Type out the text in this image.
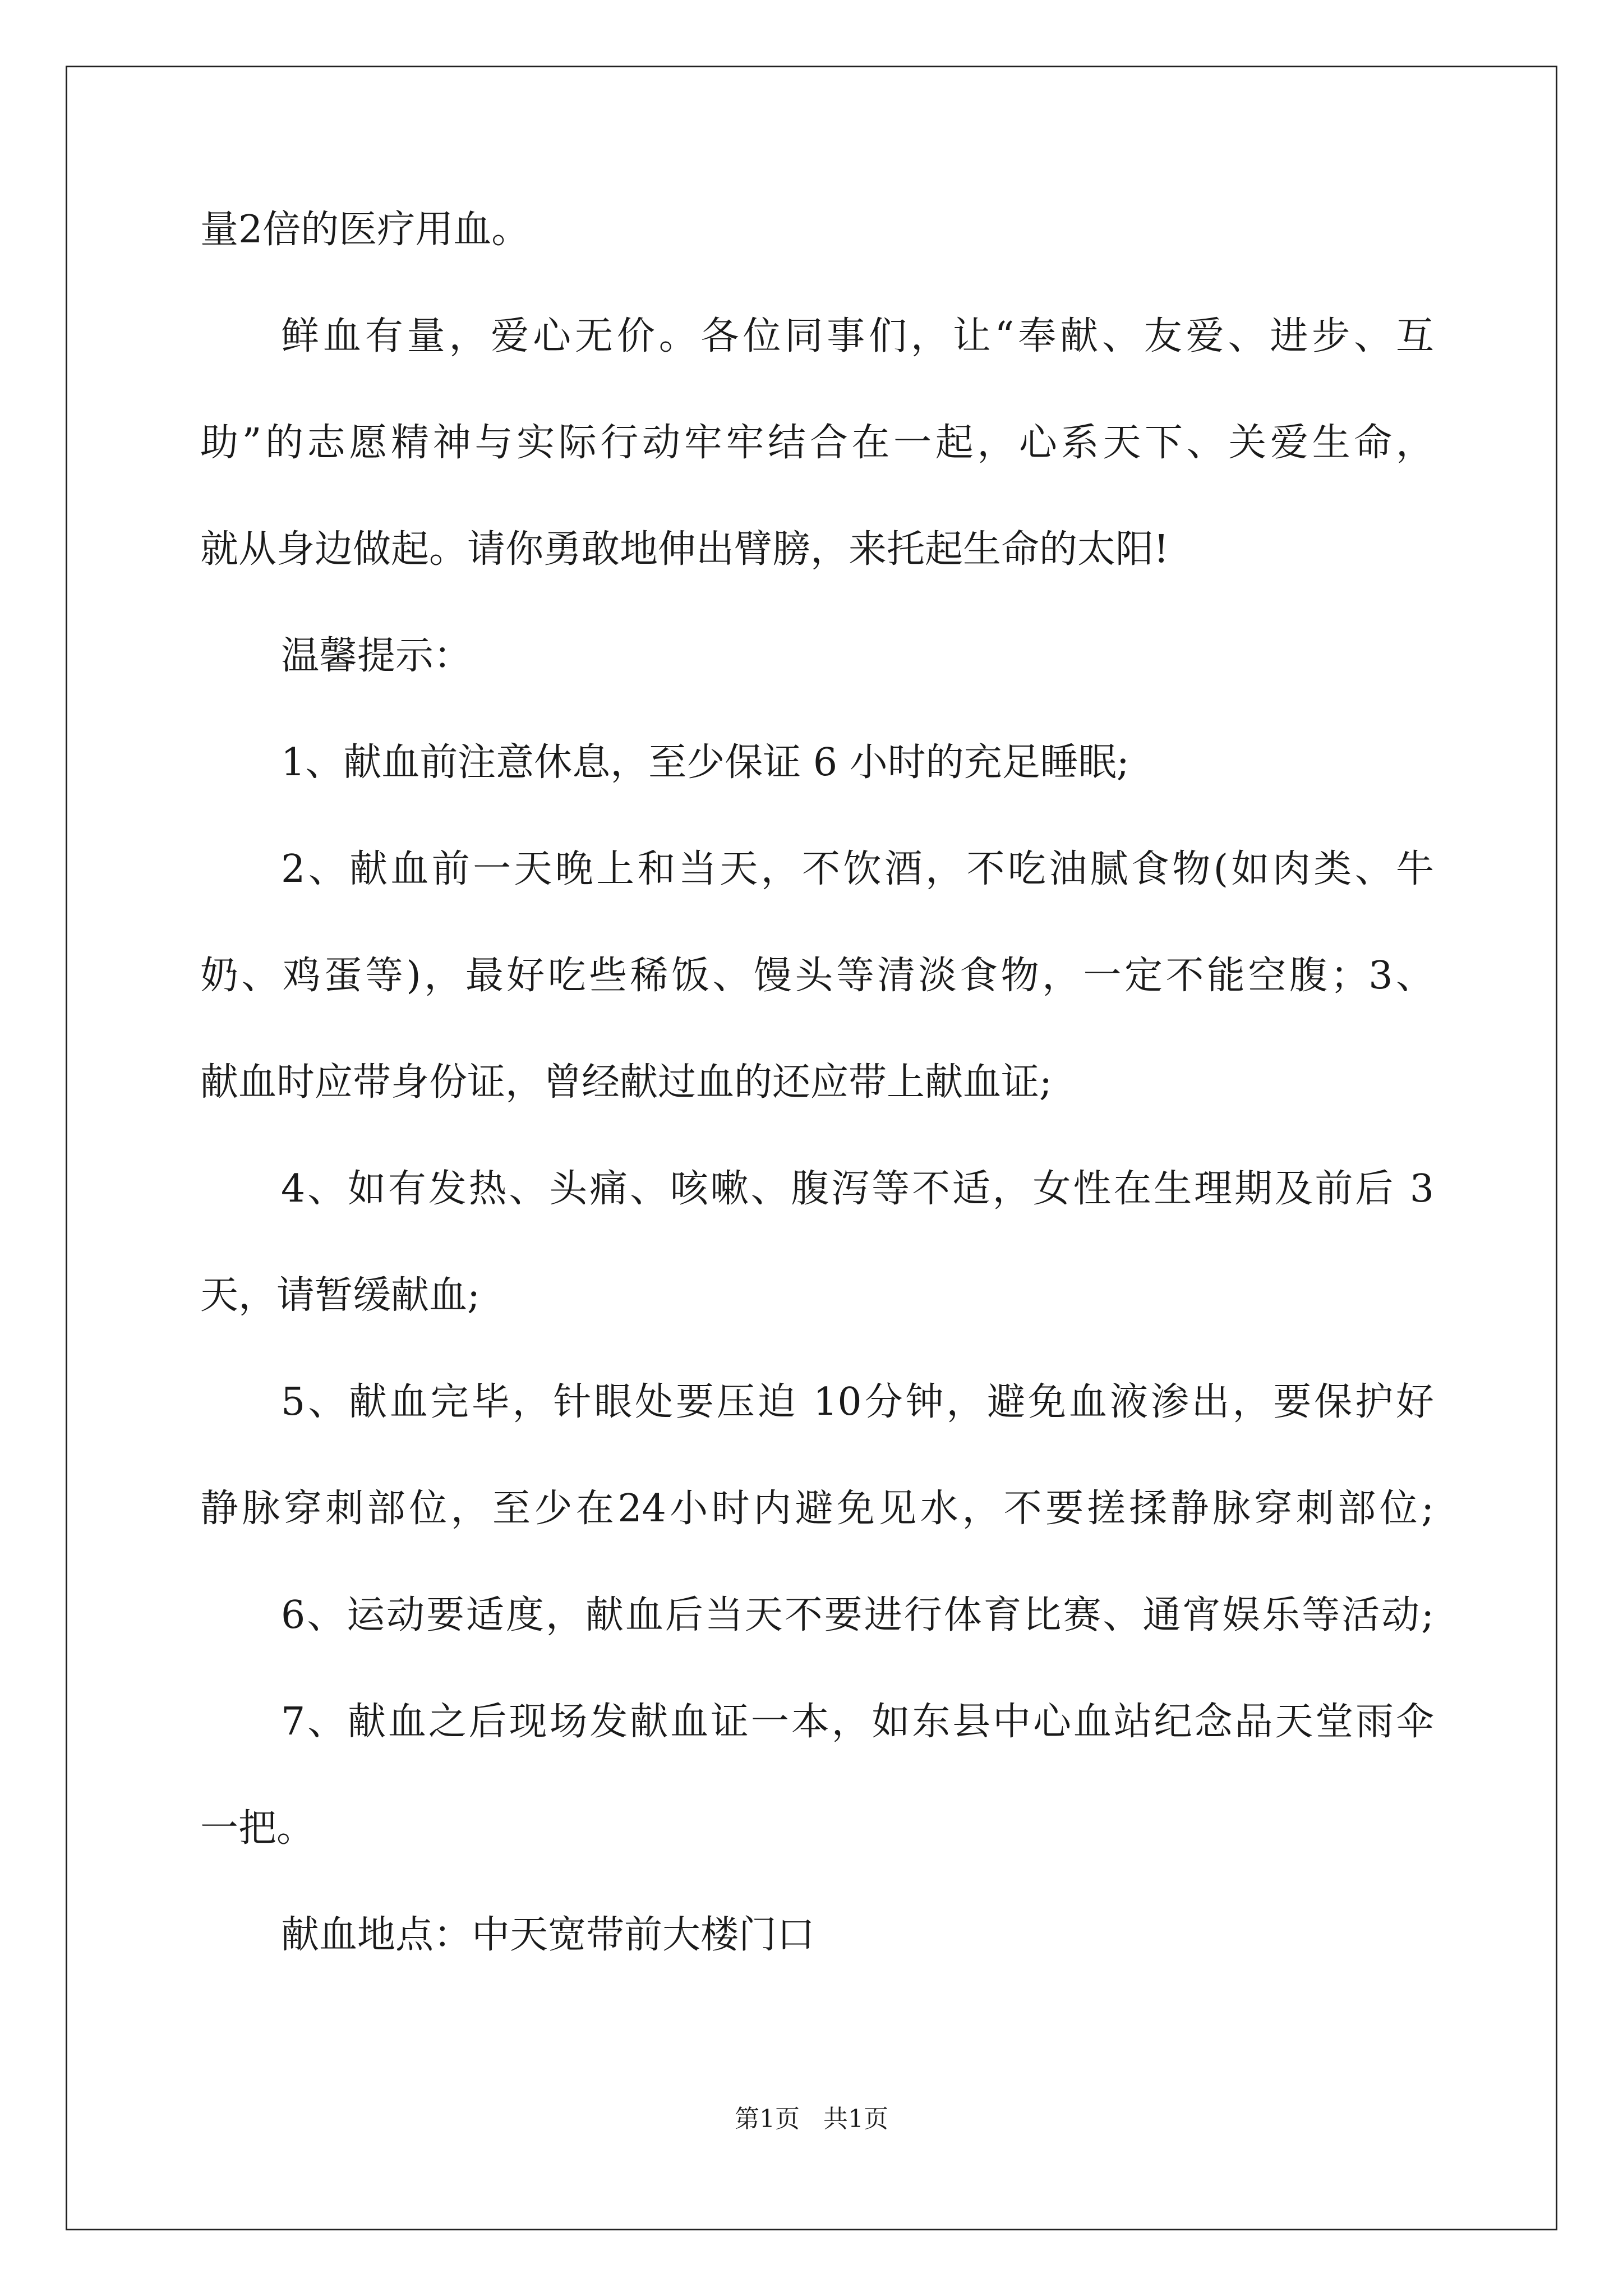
量2倍的医疗用血。
鲜血有量，爱心无价。各位同事们，让“奉献、友爱、进步、互
助”的志愿精神与实际行动牢牢结合在一起，心系天下、关爱生命，
就从身边做起。请你勇敢地伸出臂膀，来托起生命的太阳!
温馨提示：
1、献血前注意休息，至少保证 6 小时的充足睡眠;
2、献血前一天晚上和当天，不饮酒，不吃油腻食物(如肉类、牛
奶、鸡蛋等)，最好吃些稀饭、馒头等清淡食物，一定不能空腹；3、
献血时应带身份证，曾经献过血的还应带上献血证;
4、如有发热、头痛、咳嗽、腹泻等不适，女性在生理期及前后 3
天，请暂缓献血;
5、献血完毕，针眼处要压迫 10分钟，避免血液渗出，要保护好
静脉穿刺部位，至少在24小时内避免见水，不要搓揉静脉穿刺部位;
6、运动要适度，献血后当天不要进行体育比赛、通宵娱乐等活动;
7、献血之后现场发献血证一本，如东县中心血站纪念品天堂雨伞
一把。
献血地点：中天宽带前大楼门口
第1页 共1页
